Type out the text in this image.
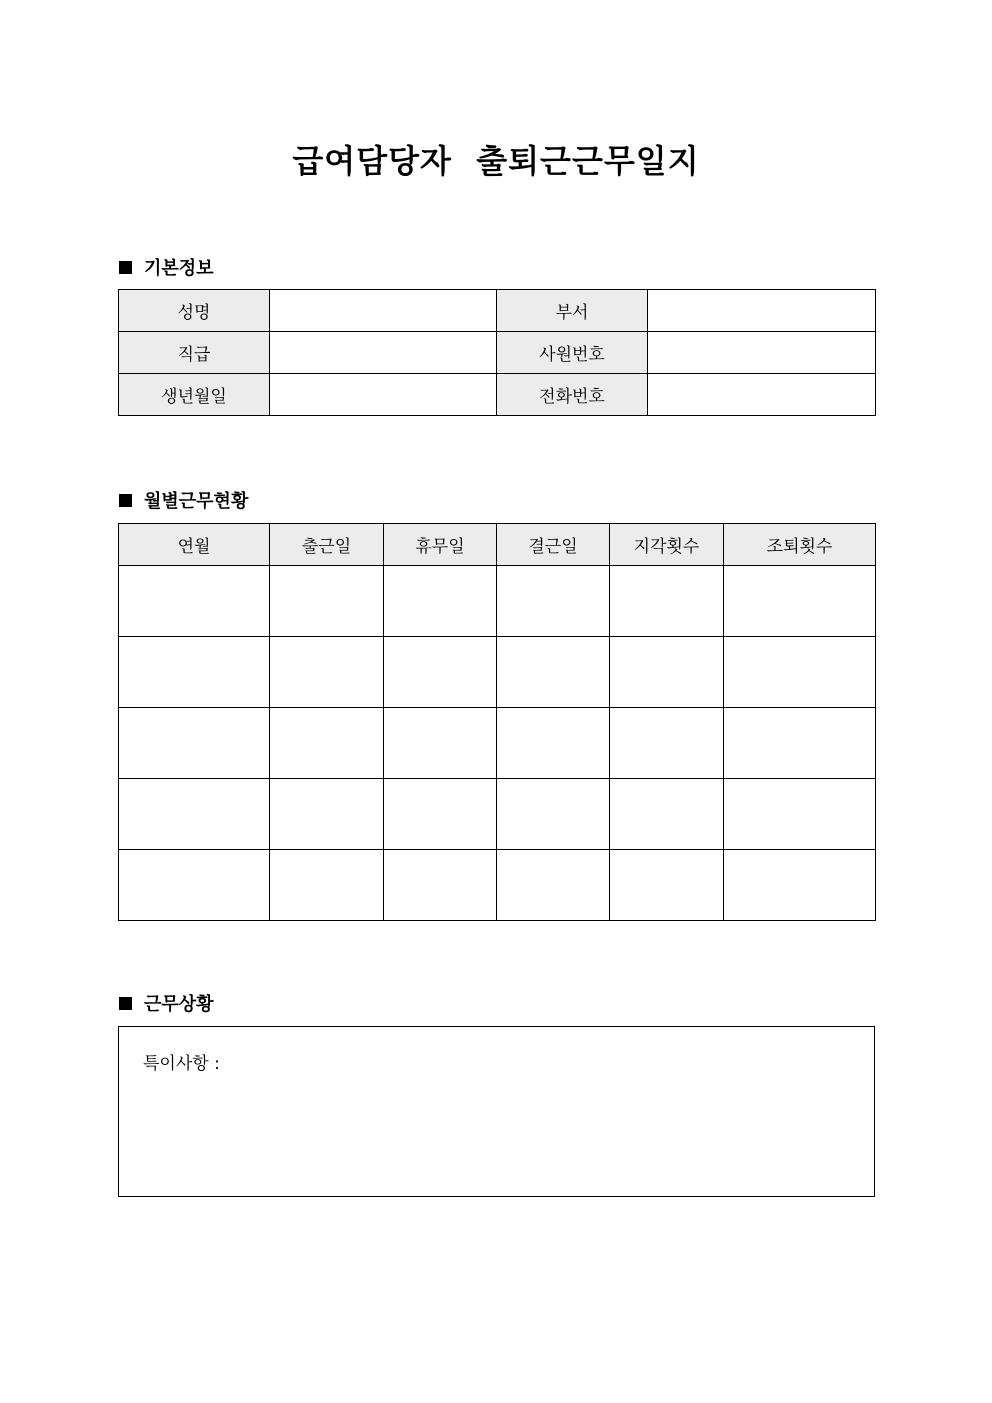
급여담당자  출퇴근근무일지
기본정보
성명		부서	
직급		사원번호	
생년월일		전화번호	
월별근무현황
연월	출근일	휴무일	결근일	지각횟수	조퇴횟수

근무상황
특이사항 :
